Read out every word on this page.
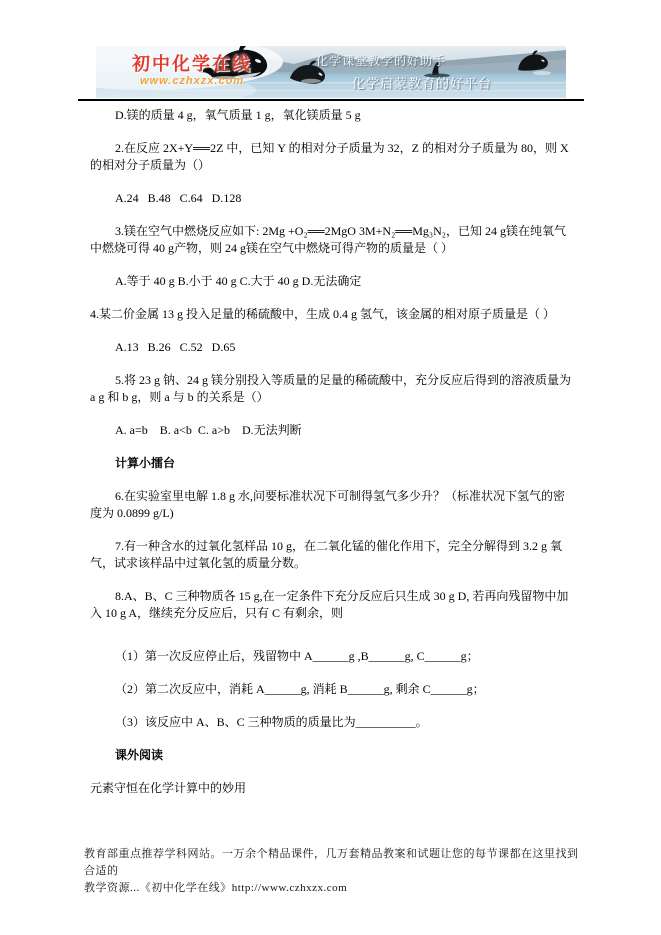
初中化学在线
www.czhxzx.com
化学课堂教学的好助手
化学启蒙教育的好平台
D.镁的质量 4 g，氧气质量 1 g，氧化镁质量 5 g
2.在反应 2X+Y══2Z 中，已知 Y 的相对分子质量为 32，Z 的相对分子质量为 80，则 X 的相对分子质量为（）
A.24   B.48   C.64   D.128
3.镁在空气中燃烧反应如下: 2Mg +O₂══2MgO 3M+N₂══Mg₃N₂，已知 24 g镁在纯氧气中燃烧可得 40 g产物，则 24 g镁在空气中燃烧可得产物的质量是（ ）
A.等于 40 g B.小于 40 g C.大于 40 g D.无法确定
4.某二价金属 13 g 投入足量的稀硫酸中，生成 0.4 g 氢气，该金属的相对原子质量是（ ）
A.13   B.26   C.52   D.65
5.将 23 g 钠、24 g 镁分别投入等质量的足量的稀硫酸中，充分反应后得到的溶液质量为 a g 和 b g，则 a 与 b 的关系是（）
A. a=b    B. a<b  C. a>b    D.无法判断
计算小擂台
6.在实验室里电解 1.8 g 水,问要标准状况下可制得氢气多少升？（标准状况下氢气的密度为 0.0899 g/L)
7.有一种含水的过氧化氢样品 10 g，在二氧化锰的催化作用下，完全分解得到 3.2 g 氧气，试求该样品中过氧化氢的质量分数。
8.A、B、C 三种物质各 15 g,在一定条件下充分反应后只生成 30 g D, 若再向残留物中加入 10 g A，继续充分反应后，只有 C 有剩余，则
（1）第一次反应停止后，残留物中 A______g ,B______g, C______g；
（2）第二次反应中，消耗 A______g, 消耗 B______g, 剩余 C______g；
（3）该反应中 A、B、C 三种物质的质量比为__________。
课外阅读
元素守恒在化学计算中的妙用
教育部重点推荐学科网站。一万余个精品课件，几万套精品教案和试题让您的每节课都在这里找到合适的
教学资源...《初中化学在线》http://www.czhxzx.com
